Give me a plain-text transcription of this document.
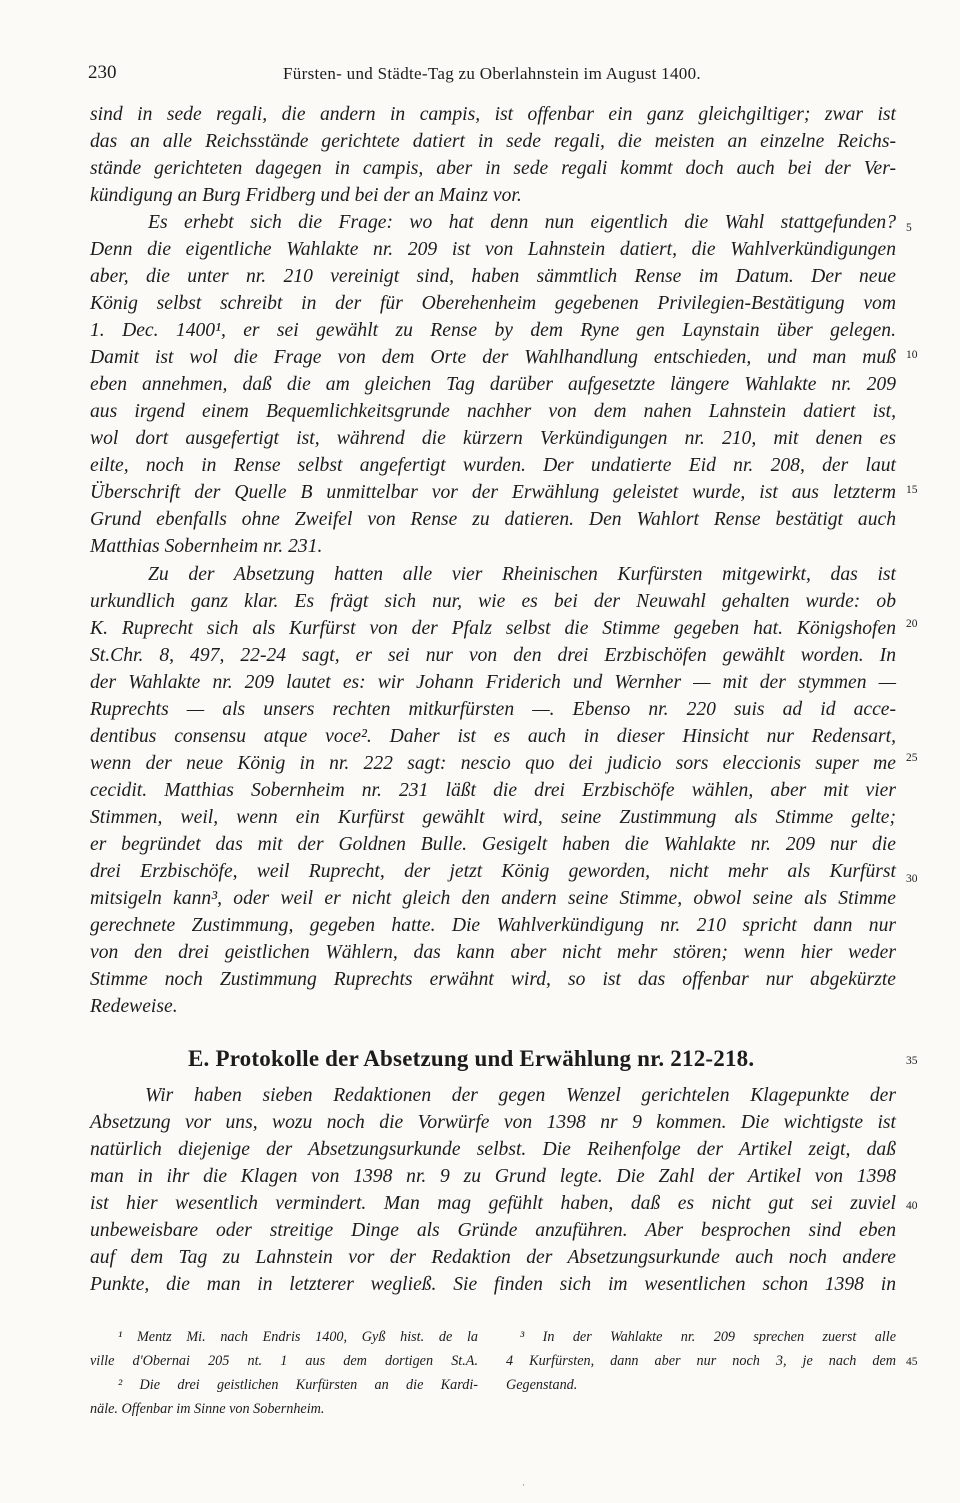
230	Fürsten- und Städte-Tag zu Oberlahnstein im August 1400.
sind in sede regali, die andern in campis, ist offenbar ein ganz gleichgiltiger; zwar ist
das an alle Reichsstände gerichtete datiert in sede regali, die meisten an einzelne Reichs-
stände gerichteten dagegen in campis, aber in sede regali kommt doch auch bei der Ver-
kündigung an Burg Fridberg und bei der an Mainz vor.
Es erhebt sich die Frage: wo hat denn nun eigentlich die Wahl stattgefunden?
Denn die eigentliche Wahlakte nr. 209 ist von Lahnstein datiert, die Wahlverkündigungen
aber, die unter nr. 210 vereinigt sind, haben sämmtlich Rense im Datum. Der neue
König selbst schreibt in der für Oberehenheim gegebenen Privilegien-Bestätigung vom
1. Dec. 1400¹, er sei gewählt zu Rense by dem Ryne gen Laynstain über gelegen.
Damit ist wol die Frage von dem Orte der Wahlhandlung entschieden, und man muß
eben annehmen, daß die am gleichen Tag darüber aufgesetzte längere Wahlakte nr. 209
aus irgend einem Bequemlichkeitsgrunde nachher von dem nahen Lahnstein datiert ist,
wol dort ausgefertigt ist, während die kürzern Verkündigungen nr. 210, mit denen es
eilte, noch in Rense selbst angefertigt wurden. Der undatierte Eid nr. 208, der laut
Überschrift der Quelle B unmittelbar vor der Erwählung geleistet wurde, ist aus letzterm
Grund ebenfalls ohne Zweifel von Rense zu datieren. Den Wahlort Rense bestätigt auch
Matthias Sobernheim nr. 231.
Zu der Absetzung hatten alle vier Rheinischen Kurfürsten mitgewirkt, das ist
urkundlich ganz klar. Es frägt sich nur, wie es bei der Neuwahl gehalten wurde: ob
K. Ruprecht sich als Kurfürst von der Pfalz selbst die Stimme gegeben hat. Königshofen
St.Chr. 8, 497, 22-24 sagt, er sei nur von den drei Erzbischöfen gewählt worden. In
der Wahlakte nr. 209 lautet es: wir Johann Friderich und Wernher — mit der stymmen —
Ruprechts — als unsers rechten mitkurfürsten —. Ebenso nr. 220 suis ad id acce-
dentibus consensu atque voce². Daher ist es auch in dieser Hinsicht nur Redensart,
wenn der neue König in nr. 222 sagt: nescio quo dei judicio sors eleccionis super me
cecidit. Matthias Sobernheim nr. 231 läßt die drei Erzbischöfe wählen, aber mit vier
Stimmen, weil, wenn ein Kurfürst gewählt wird, seine Zustimmung als Stimme gelte;
er begründet das mit der Goldnen Bulle. Gesigelt haben die Wahlakte nr. 209 nur die
drei Erzbischöfe, weil Ruprecht, der jetzt König geworden, nicht mehr als Kurfürst
mitsigeln kann³, oder weil er nicht gleich den andern seine Stimme, obwol seine als Stimme
gerechnete Zustimmung, gegeben hatte. Die Wahlverkündigung nr. 210 spricht dann nur
von den drei geistlichen Wählern, das kann aber nicht mehr stören; wenn hier weder
Stimme noch Zustimmung Ruprechts erwähnt wird, so ist das offenbar nur abgekürzte
Redeweise.
E. Protokolle der Absetzung und Erwählung nr. 212-218.
Wir haben sieben Redaktionen der gegen Wenzel gerichtelen Klagepunkte der
Absetzung vor uns, wozu noch die Vorwürfe von 1398 nr 9 kommen. Die wichtigste ist
natürlich diejenige der Absetzungsurkunde selbst. Die Reihenfolge der Artikel zeigt, daß
man in ihr die Klagen von 1398 nr. 9 zu Grund legte. Die Zahl der Artikel von 1398
ist hier wesentlich vermindert. Man mag gefühlt haben, daß es nicht gut sei zuviel
unbeweisbare oder streitige Dinge als Gründe anzuführen. Aber besprochen sind eben
auf dem Tag zu Lahnstein vor der Redaktion der Absetzungsurkunde auch noch andere
Punkte, die man in letzterer wegließ. Sie finden sich im wesentlichen schon 1398 in
5
10
15
20
25
30
35
40
45
¹ Mentz Mi. nach Endris 1400, Gyß hist. de la
ville d'Obernai 205 nt. 1 aus dem dortigen St.A.
² Die drei geistlichen Kurfürsten an die Kardi-
näle. Offenbar im Sinne von Sobernheim.
³ In der Wahlakte nr. 209 sprechen zuerst alle
4 Kurfürsten, dann aber nur noch 3, je nach dem
Gegenstand.
·
